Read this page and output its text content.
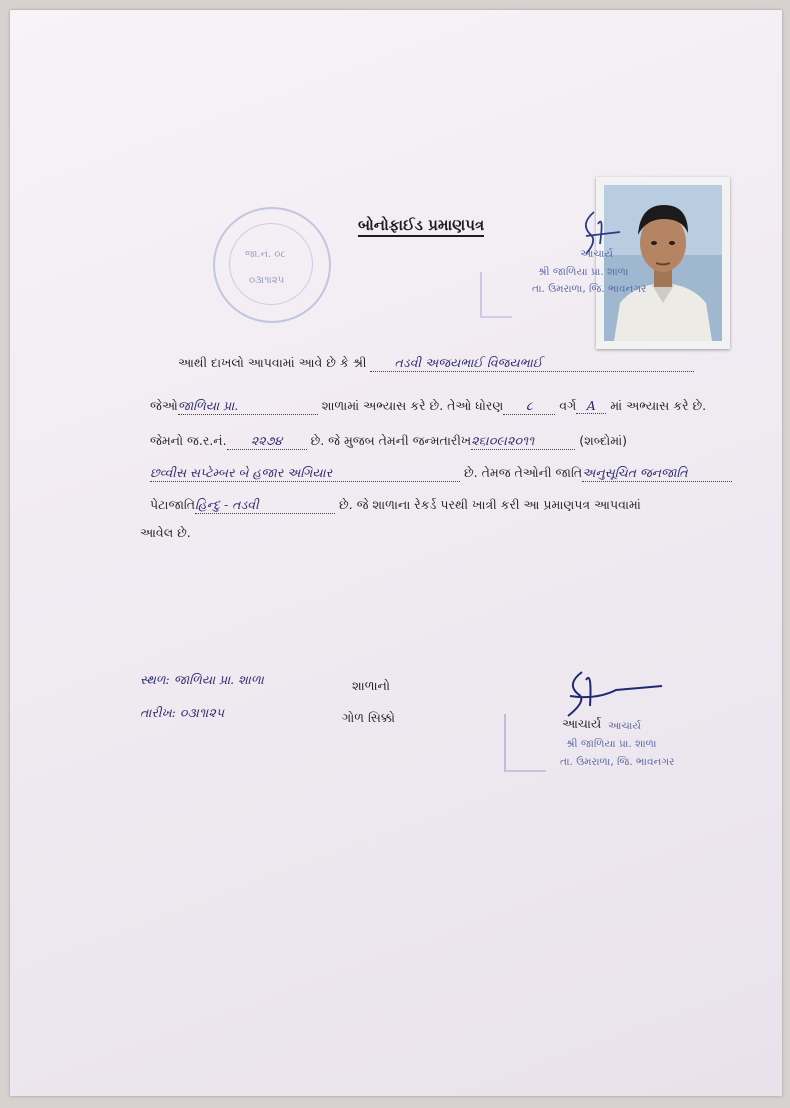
જા.નં. ૦૮
૦૩।૧।૨૫
બોનોફાઈડ પ્રમાણપત્ર
આચાર્ય
શ્રી જાળિયા પ્રા. શાળા
તા. ઉમરાળા, જિ. ભાવનગર
આથી દાખલો આપવામાં આવે છે કે શ્રી તડવી અજયભાઈ વિજયભાઈ
જેઓજાળિયા પ્રા.	શાળામાં અભ્યાસ કરે છે. તેઓ ધોરણ ૮ વર્ગ A માં અભ્યાસ કરે છે.
જેમનો જ.ર.નં. ૨૨૭૪ છે. જે મુજબ તેમની જન્મતારીખ૨૬।૦૯।૨૦૧૧	(શબ્દોમાં)
છવ્વીસ સપ્ટેમ્બર બે હજાર અગિયાર	છે. તેમજ તેઓની જાતિઅનુસૂચિત જનજાતિ
પેટાજાતિહિન્દુ - તડવી	છે. જે શાળાના રેકર્ડ પરથી ખાત્રી કરી આ પ્રમાણપત્ર આપવામાં
આવેલ છે.
સ્થળ: જાળિયા પ્રા. શાળા
તારીખ: ૦૩।૧।૨૫
શાળાનો
ગોળ સિક્કો	આચાર્ય આચાર્ય
શ્રી જાળિયા પ્રા. શાળા
તા. ઉમરાળા, જિ. ભાવનગર
